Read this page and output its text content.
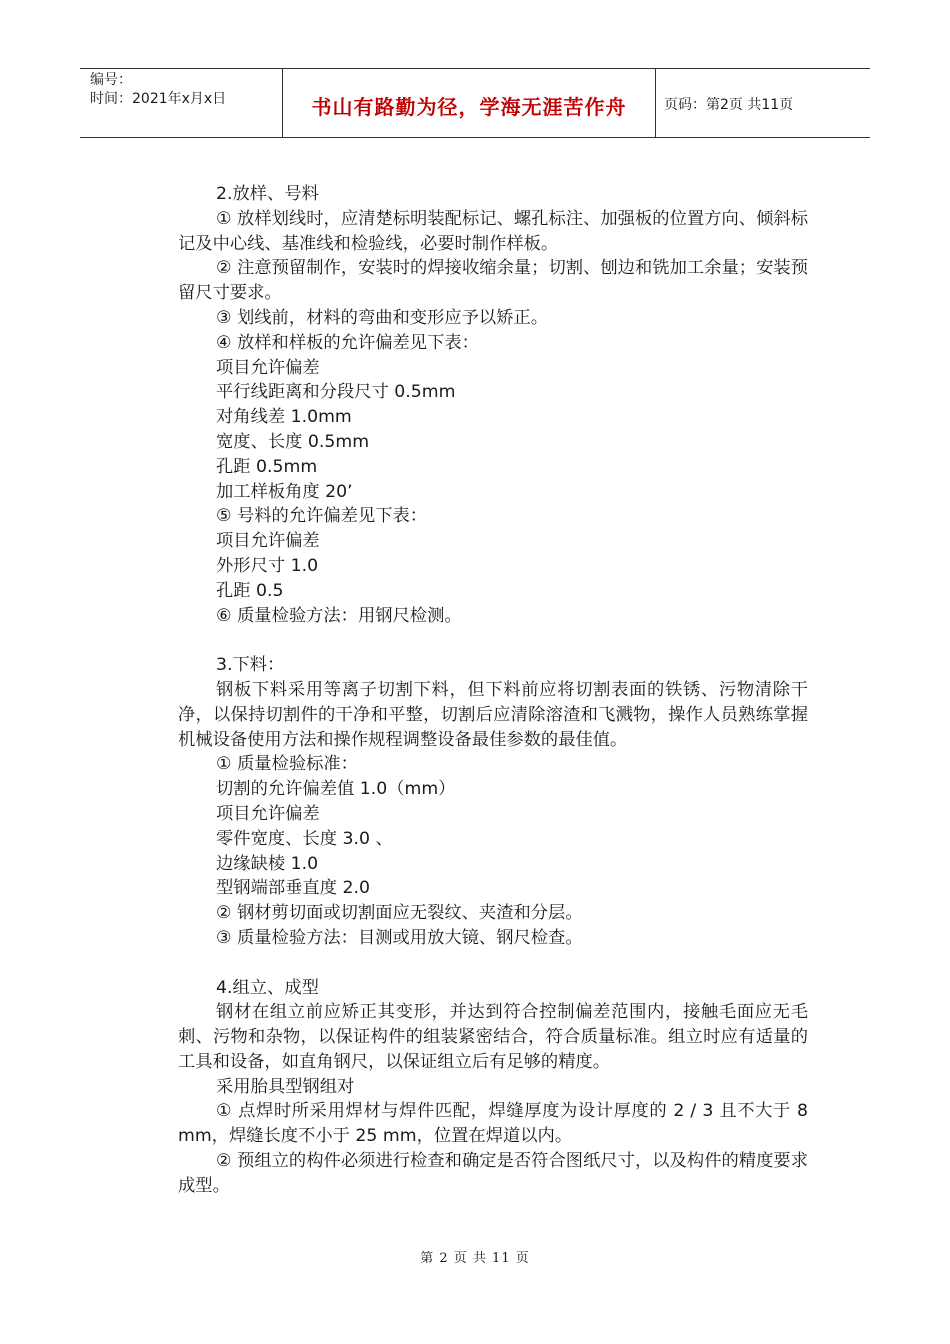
编号：
时间：2021年x月x日	书山有路勤为径，学海无涯苦作舟	页码：第2页 共11页

2.放样、号料

① 放样划线时，应清楚标明装配标记、螺孔标注、加强板的位置方向、倾斜标记及中心线、基准线和检验线，必要时制作样板。

② 注意预留制作，安装时的焊接收缩余量；切割、刨边和铣加工余量；安装预留尺寸要求。

③ 划线前，材料的弯曲和变形应予以矫正。

④ 放样和样板的允许偏差见下表：

项目允许偏差

平行线距离和分段尺寸 0.5mm

对角线差 1.0mm

宽度、长度 0.5mm

孔距 0.5mm

加工样板角度 20’

⑤ 号料的允许偏差见下表：

项目允许偏差

外形尺寸 1.0

孔距 0.5

⑥ 质量检验方法：用钢尺检测。

3.下料：

钢板下料采用等离子切割下料，但下料前应将切割表面的铁锈、污物清除干净，以保持切割件的干净和平整，切割后应清除溶渣和飞溅物，操作人员熟练掌握机械设备使用方法和操作规程调整设备最佳参数的最佳值。

① 质量检验标准：

切割的允许偏差值 1.0（mm）

项目允许偏差

零件宽度、长度 3.0 、

边缘缺棱 1.0

型钢端部垂直度 2.0

② 钢材剪切面或切割面应无裂纹、夹渣和分层。

③ 质量检验方法：目测或用放大镜、钢尺检查。

4.组立、成型

钢材在组立前应矫正其变形，并达到符合控制偏差范围内，接触毛面应无毛刺、污物和杂物，以保证构件的组装紧密结合，符合质量标准。组立时应有适量的工具和设备，如直角钢尺，以保证组立后有足够的精度。

采用胎具型钢组对

① 点焊时所采用焊材与焊件匹配，焊缝厚度为设计厚度的 2 / 3 且不大于 8 mm，焊缝长度不小于 25 mm，位置在焊道以内。

② 预组立的构件必须进行检查和确定是否符合图纸尺寸，以及构件的精度要求成型。

第 2 页 共 11 页
